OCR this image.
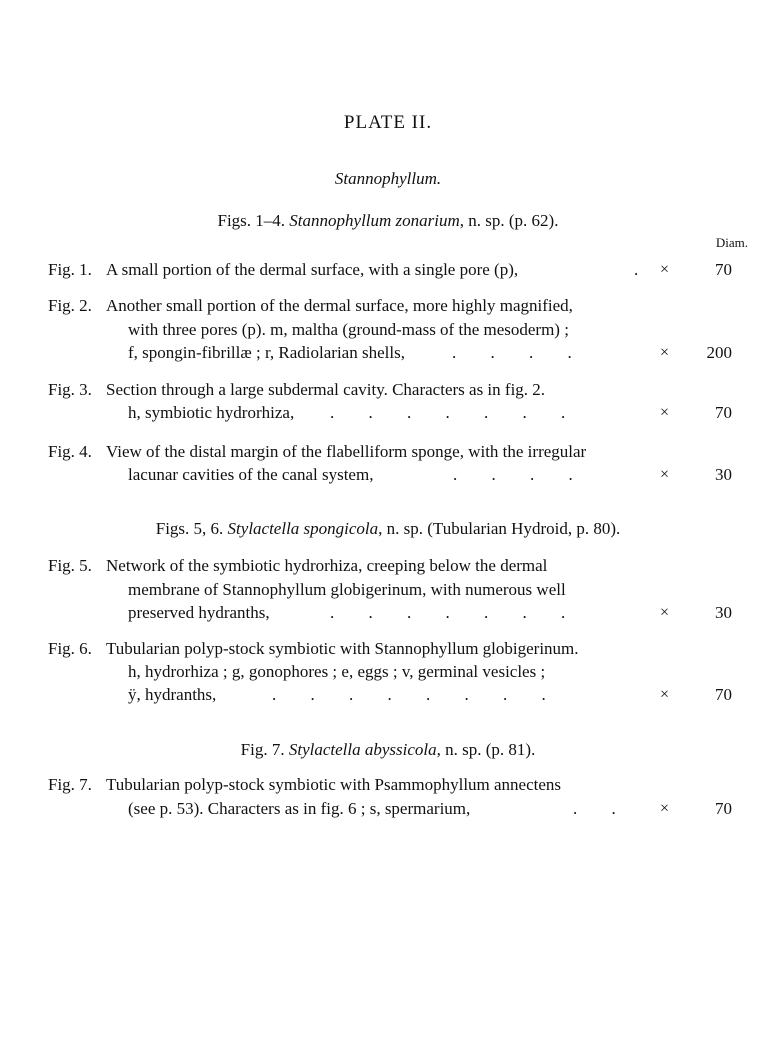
PLATE II.
Stannophyllum.
Figs. 1–4. Stannophyllum zonarium, n. sp. (p. 62).
Diam.
Fig. 1. A small portion of the dermal surface, with a single pore (p),	. ×	70
Fig. 2. Another small portion of the dermal surface, more highly magnified,
with three pores (p). m, maltha (ground-mass of the mesoderm) ;
f, spongin-fibrillæ ; r, Radiolarian shells,	. . . .	×	200
Fig. 3. Section through a large subdermal cavity. Characters as in fig. 2.
h, symbiotic hydrorhiza, . . . . . . .	×	70
Fig. 4. View of the distal margin of the flabelliform sponge, with the irregular
lacunar cavities of the canal system,	. . . .	×	30
Figs. 5, 6. Stylactella spongicola, n. sp. (Tubularian Hydroid, p. 80).
Fig. 5. Network of the symbiotic hydrorhiza, creeping below the dermal
membrane of Stannophyllum globigerinum, with numerous well
preserved hydranths,	. . . . . . .	×	30
Fig. 6. Tubularian polyp-stock symbiotic with Stannophyllum globigerinum.
h, hydrorhiza ; g, gonophores ; e, eggs ; v, germinal vesicles ;
ÿ, hydranths,	. . . . . . . .	×	70
Fig. 7. Stylactella abyssicola, n. sp. (p. 81).
Fig. 7. Tubularian polyp-stock symbiotic with Psammophyllum annectens
(see p. 53). Characters as in fig. 6 ; s, spermarium,	. .	×	70
